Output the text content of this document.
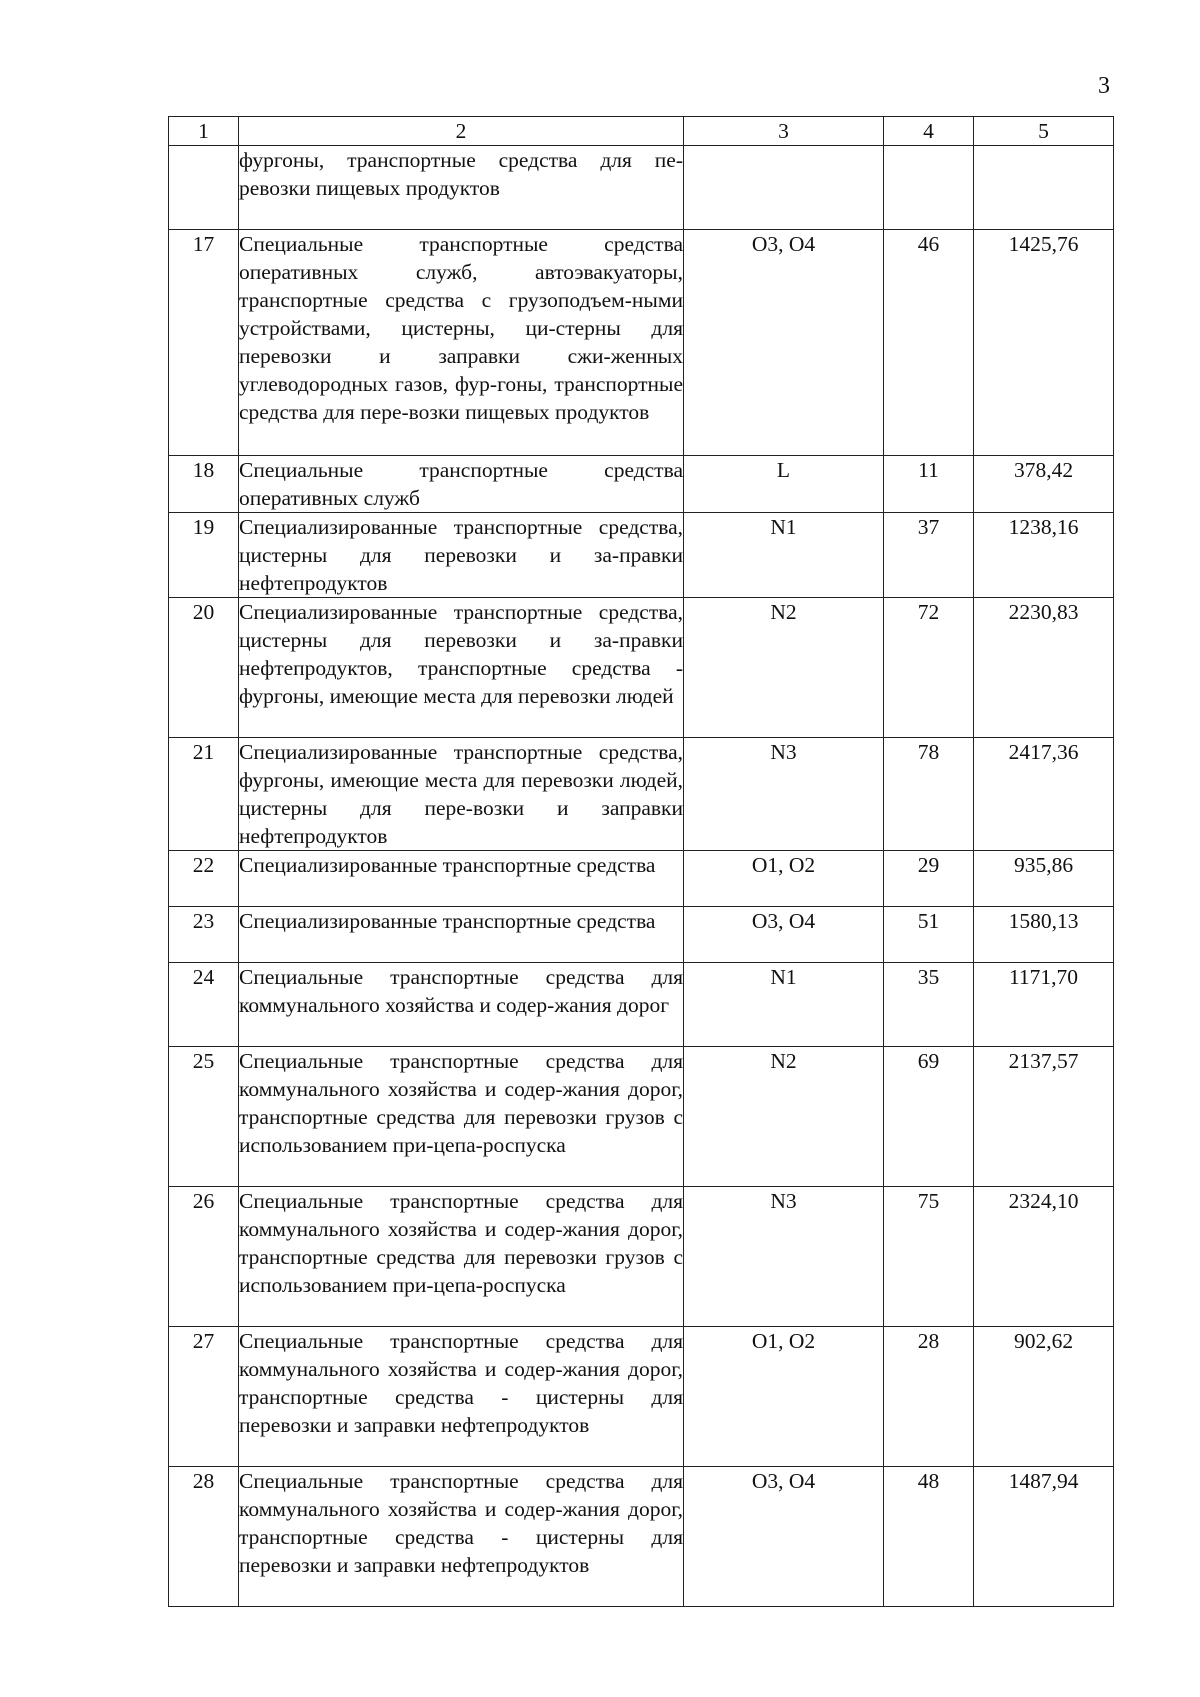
3
1	2	3	4	5
	фургоны, транспортные средства для пе-ревозки пищевых продуктов			
17	Специальные транспортные средства оперативных служб, автоэвакуаторы, транспортные средства с грузоподъем-ными устройствами, цистерны, ци-стерны для перевозки и заправки сжи-женных углеводородных газов, фур-гоны, транспортные средства для пере-возки пищевых продуктов	O3, O4	46	1425,76
18	Специальные транспортные средства оперативных служб	L	11	378,42
19	Специализированные транспортные средства, цистерны для перевозки и за-правки нефтепродуктов	N1	37	1238,16
20	Специализированные транспортные средства, цистерны для перевозки и за-правки нефтепродуктов, транспортные средства - фургоны, имеющие места для перевозки людей	N2	72	2230,83
21	Специализированные транспортные средства, фургоны, имеющие места для перевозки людей, цистерны для пере-возки и заправки нефтепродуктов	N3	78	2417,36
22	Специализированные транспортные средства	O1, O2	29	935,86
23	Специализированные транспортные средства	O3, O4	51	1580,13
24	Специальные транспортные средства для коммунального хозяйства и содер-жания дорог	N1	35	1171,70
25	Специальные транспортные средства для коммунального хозяйства и содер-жания дорог, транспортные средства для перевозки грузов с использованием при-цепа-роспуска	N2	69	2137,57
26	Специальные транспортные средства для коммунального хозяйства и содер-жания дорог, транспортные средства для перевозки грузов с использованием при-цепа-роспуска	N3	75	2324,10
27	Специальные транспортные средства для коммунального хозяйства и содер-жания дорог, транспортные средства - цистерны для перевозки и заправки нефтепродуктов	O1, O2	28	902,62
28	Специальные транспортные средства для коммунального хозяйства и содер-жания дорог, транспортные средства - цистерны для перевозки и заправки нефтепродуктов	O3, O4	48	1487,94
